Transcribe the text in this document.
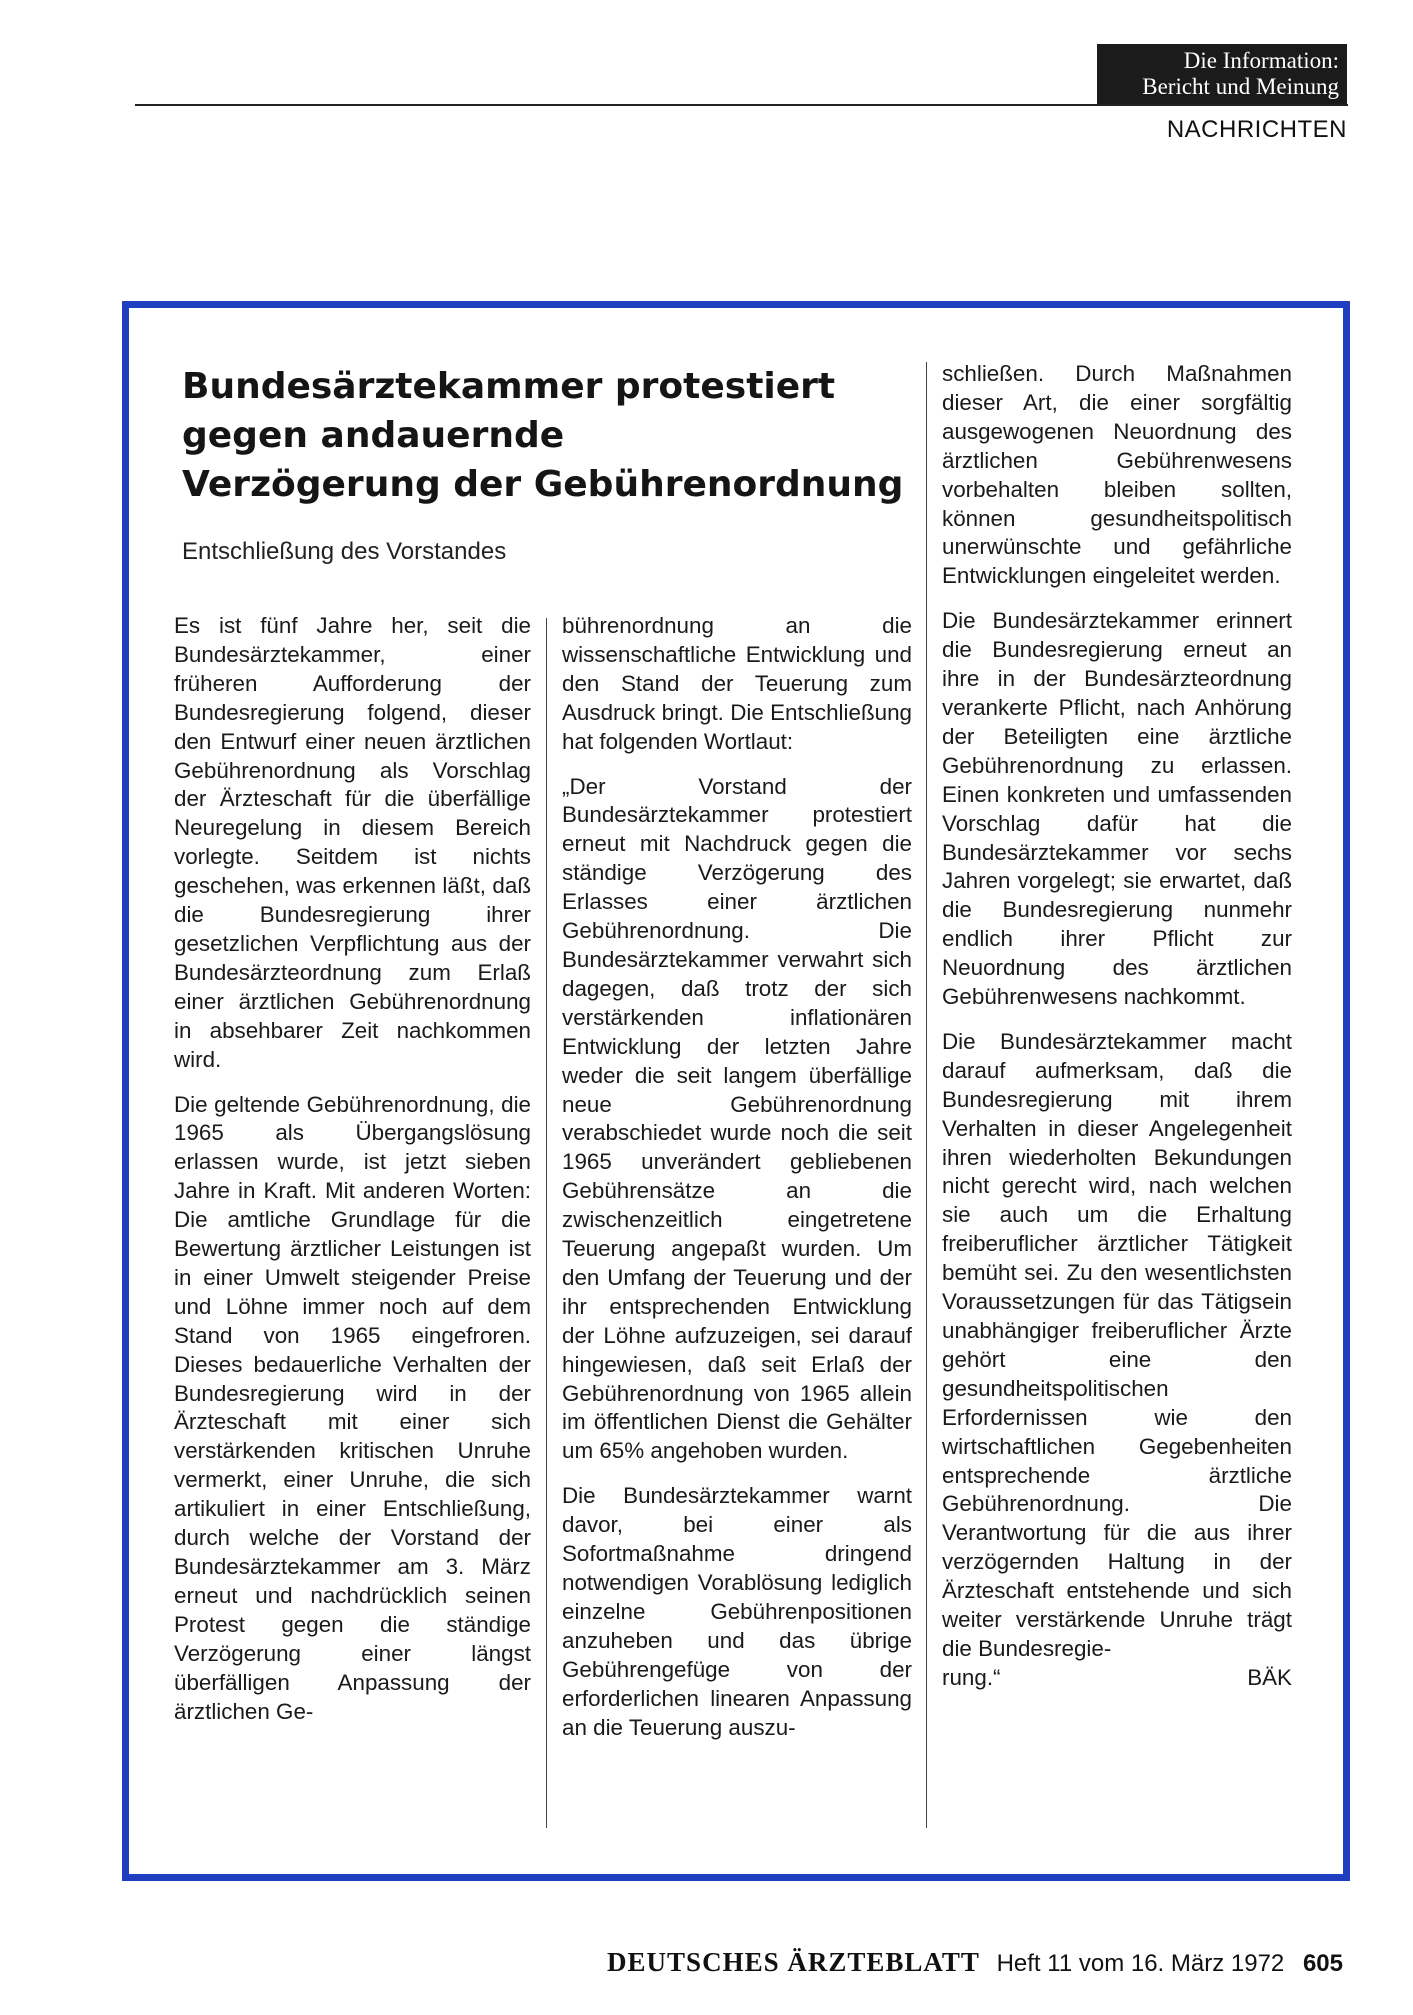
Die Information:
Bericht und Meinung
NACHRICHTEN
Bundesärztekammer protestiert
gegen andauernde
Verzögerung der Gebührenordnung
Entschließung des Vorstandes

Es ist fünf Jahre her, seit die Bundesärztekammer, einer früheren Aufforderung der Bundesregierung folgend, dieser den Entwurf einer neuen ärztlichen Gebührenordnung als Vorschlag der Ärzteschaft für die überfällige Neuregelung in diesem Bereich vorlegte. Seitdem ist nichts geschehen, was erkennen läßt, daß die Bundesregierung ihrer gesetzlichen Verpflichtung aus der Bundesärzteordnung zum Erlaß einer ärztlichen Gebührenordnung in absehbarer Zeit nachkommen wird.

Die geltende Gebührenordnung, die 1965 als Übergangslösung erlassen wurde, ist jetzt sieben Jahre in Kraft. Mit anderen Worten: Die amtliche Grundlage für die Bewertung ärztlicher Leistungen ist in einer Umwelt steigender Preise und Löhne immer noch auf dem Stand von 1965 eingefroren. Dieses bedauerliche Verhalten der Bundesregierung wird in der Ärzteschaft mit einer sich verstärkenden kritischen Unruhe vermerkt, einer Unruhe, die sich artikuliert in einer Entschließung, durch welche der Vorstand der Bundesärztekammer am 3. März erneut und nachdrücklich seinen Protest gegen die ständige Verzögerung einer längst überfälligen Anpassung der ärztlichen Ge-

bührenordnung an die wissenschaftliche Entwicklung und den Stand der Teuerung zum Ausdruck bringt. Die Entschließung hat folgenden Wortlaut:

„Der Vorstand der Bundesärztekammer protestiert erneut mit Nachdruck gegen die ständige Verzögerung des Erlasses einer ärztlichen Gebührenordnung. Die Bundesärztekammer verwahrt sich dagegen, daß trotz der sich verstärkenden inflationären Entwicklung der letzten Jahre weder die seit langem überfällige neue Gebührenordnung verabschiedet wurde noch die seit 1965 unverändert gebliebenen Gebührensätze an die zwischenzeitlich eingetretene Teuerung angepaßt wurden. Um den Umfang der Teuerung und der ihr entsprechenden Entwicklung der Löhne aufzuzeigen, sei darauf hingewiesen, daß seit Erlaß der Gebührenordnung von 1965 allein im öffentlichen Dienst die Gehälter um 65% angehoben wurden.

Die Bundesärztekammer warnt davor, bei einer als Sofortmaßnahme dringend notwendigen Vorablösung lediglich einzelne Gebührenpositionen anzuheben und das übrige Gebührengefüge von der erforderlichen linearen Anpassung an die Teuerung auszu-

schließen. Durch Maßnahmen dieser Art, die einer sorgfältig ausgewogenen Neuordnung des ärztlichen Gebührenwesens vorbehalten bleiben sollten, können gesundheitspolitisch unerwünschte und gefährliche Entwicklungen eingeleitet werden.

Die Bundesärztekammer erinnert die Bundesregierung erneut an ihre in der Bundesärzteordnung verankerte Pflicht, nach Anhörung der Beteiligten eine ärztliche Gebührenordnung zu erlassen. Einen konkreten und umfassenden Vorschlag dafür hat die Bundesärztekammer vor sechs Jahren vorgelegt; sie erwartet, daß die Bundesregierung nunmehr endlich ihrer Pflicht zur Neuordnung des ärztlichen Gebührenwesens nachkommt.

Die Bundesärztekammer macht darauf aufmerksam, daß die Bundesregierung mit ihrem Verhalten in dieser Angelegenheit ihren wiederholten Bekundungen nicht gerecht wird, nach welchen sie auch um die Erhaltung freiberuflicher ärztlicher Tätigkeit bemüht sei. Zu den wesentlichsten Voraussetzungen für das Tätigsein unabhängiger freiberuflicher Ärzte gehört eine den gesundheitspolitischen Erfordernissen wie den wirtschaftlichen Gegebenheiten entsprechende ärztliche Gebührenordnung. Die Verantwortung für die aus ihrer verzögernden Haltung in der Ärzteschaft entstehende und sich weiter verstärkende Unruhe trägt die Bundesregie-

rung.“	BÄK
DEUTSCHES ÄRZTEBLATT Heft 11 vom 16. März 1972 605
